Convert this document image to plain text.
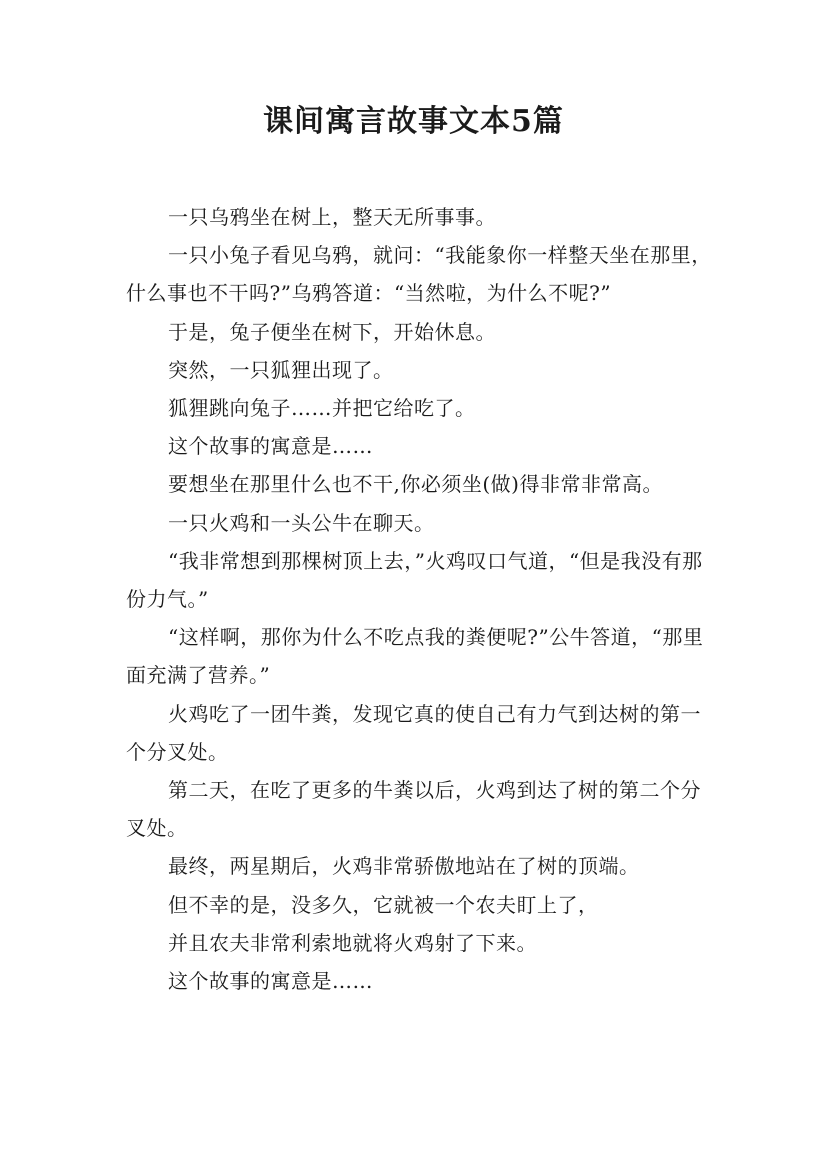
课间寓言故事文本5篇

一只乌鸦坐在树上，整天无所事事。

一只小兔子看见乌鸦，就问：“我能象你一样整天坐在那里，什么事也不干吗?”乌鸦答道：“当然啦，为什么不呢?”

于是，兔子便坐在树下，开始休息。

突然，一只狐狸出现了。

狐狸跳向兔子……并把它给吃了。

这个故事的寓意是……

要想坐在那里什么也不干,你必须坐(做)得非常非常高。

一只火鸡和一头公牛在聊天。

“我非常想到那棵树顶上去，”火鸡叹口气道，“但是我没有那份力气。”

“这样啊，那你为什么不吃点我的粪便呢?”公牛答道，“那里面充满了营养。”

火鸡吃了一团牛粪，发现它真的使自己有力气到达树的第一个分叉处。

第二天，在吃了更多的牛粪以后，火鸡到达了树的第二个分叉处。

最终，两星期后，火鸡非常骄傲地站在了树的顶端。

但不幸的是，没多久，它就被一个农夫盯上了，

并且农夫非常利索地就将火鸡射了下来。

这个故事的寓意是……
